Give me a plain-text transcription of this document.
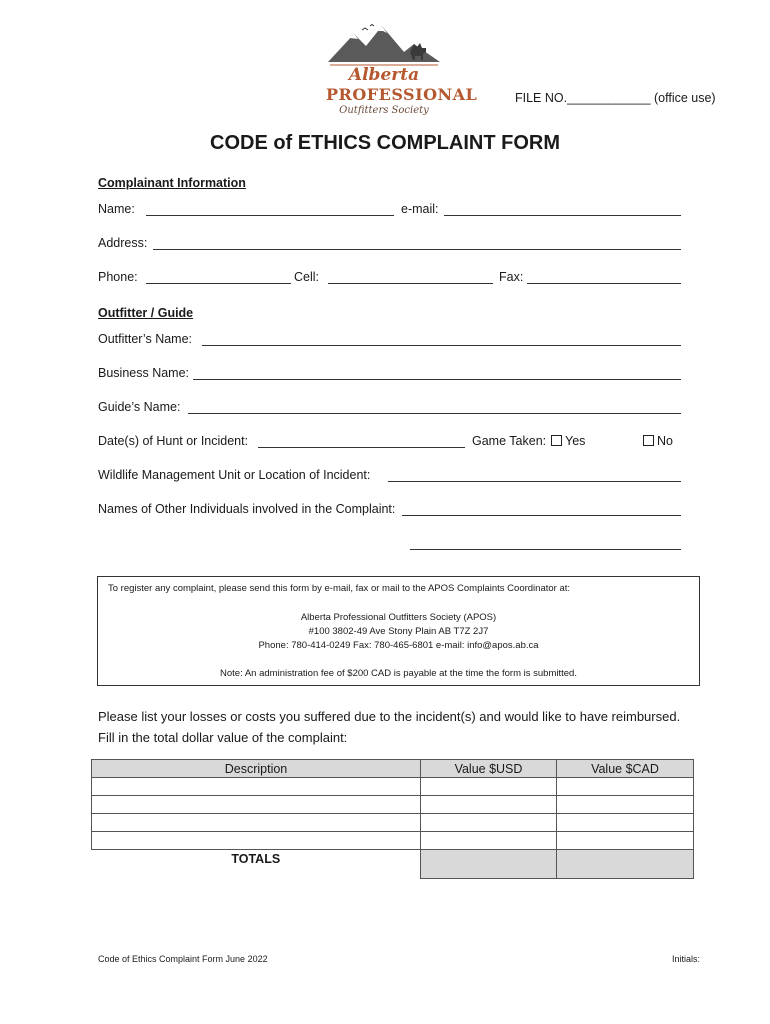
Alberta
PROFESSIONAL
Outfitters Society
FILE NO.____________ (office use)
CODE of ETHICS COMPLAINT FORM
Complainant Information
Name:	e-mail:
Address:
Phone:	Cell:	Fax:
Outfitter / Guide
Outfitter’s Name:
Business Name:
Guide’s Name:
Date(s) of Hunt or Incident:	Game Taken:	Yes	No
Wildlife Management Unit or Location of Incident:
Names of Other Individuals involved in the Complaint:
To register any complaint, please send this form by e-mail, fax or mail to the APOS Complaints Coordinator at:
Alberta Professional Outfitters Society (APOS)
#100 3802-49 Ave Stony Plain AB T7Z 2J7
Phone: 780-414-0249 Fax: 780-465-6801 e-mail: info@apos.ab.ca
Note: An administration fee of $200 CAD is payable at the time the form is submitted.
Please list your losses or costs you suffered due to the incident(s) and would like to have reimbursed. Fill in the total dollar value of the complaint:
Description	Value $USD	Value $CAD

TOTALS		
Code of Ethics Complaint Form June 2022	Initials:
